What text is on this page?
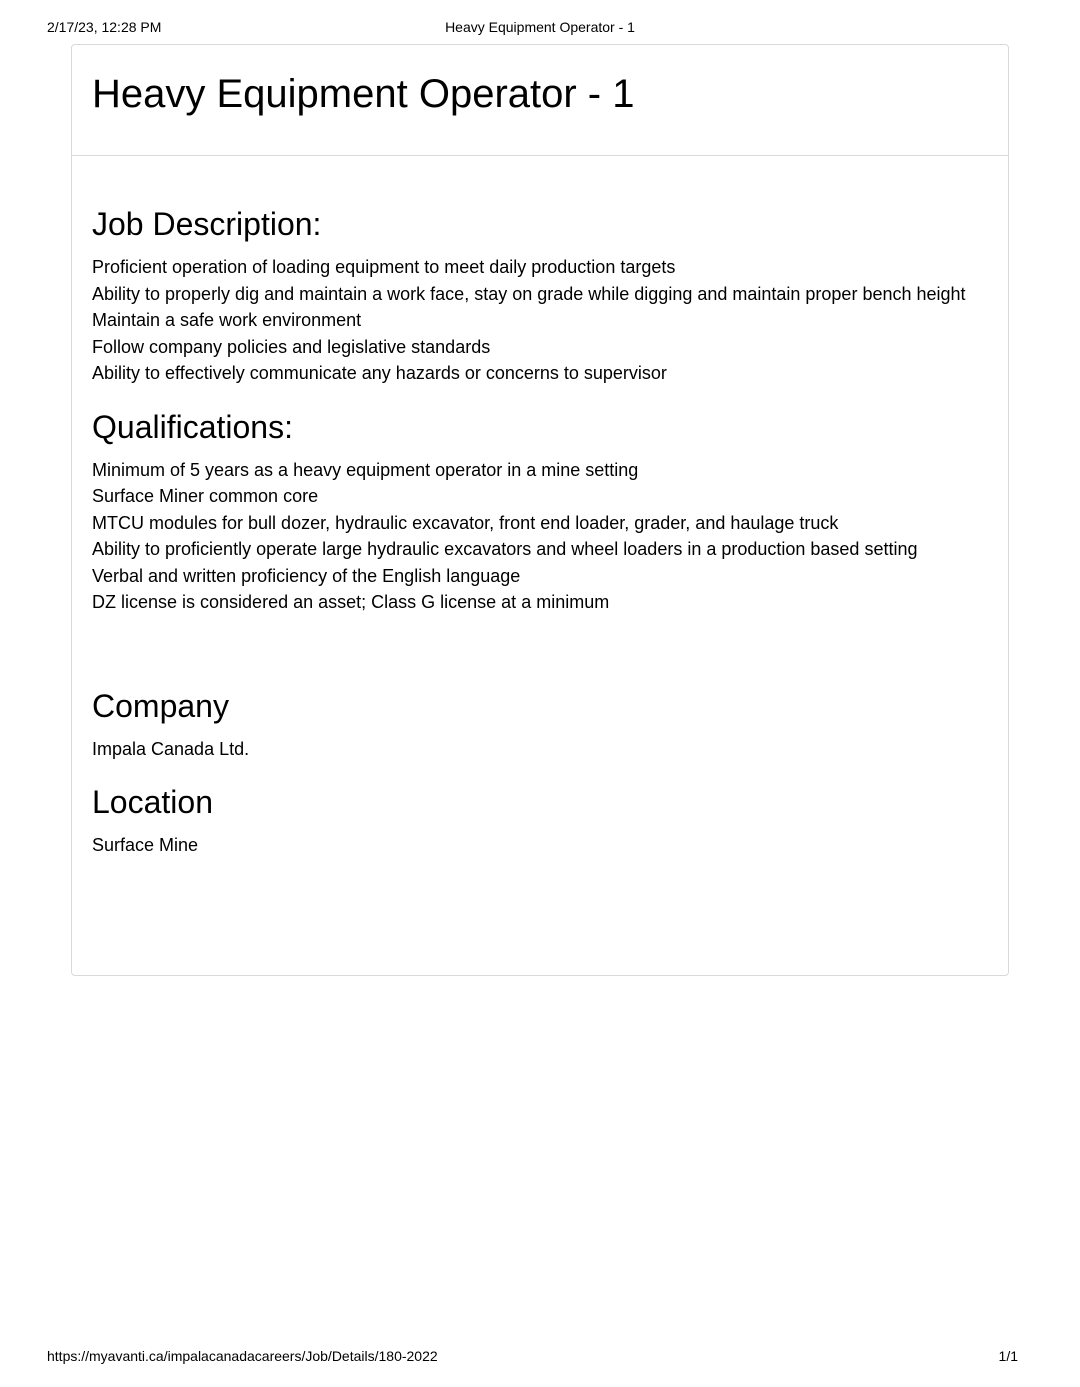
2/17/23, 12:28 PM	Heavy Equipment Operator - 1
Heavy Equipment Operator - 1
Job Description:
Proficient operation of loading equipment to meet daily production targets
Ability to properly dig and maintain a work face, stay on grade while digging and maintain proper bench height
Maintain a safe work environment
Follow company policies and legislative standards
Ability to effectively communicate any hazards or concerns to supervisor
Qualifications:
Minimum of 5 years as a heavy equipment operator in a mine setting
Surface Miner common core
MTCU modules for bull dozer, hydraulic excavator, front end loader, grader, and haulage truck
Ability to proficiently operate large hydraulic excavators and wheel loaders in a production based setting
Verbal and written proficiency of the English language
DZ license is considered an asset; Class G license at a minimum
Company
Impala Canada Ltd.
Location
Surface Mine
https://myavanti.ca/impalacanadacareers/Job/Details/180-2022	1/1
